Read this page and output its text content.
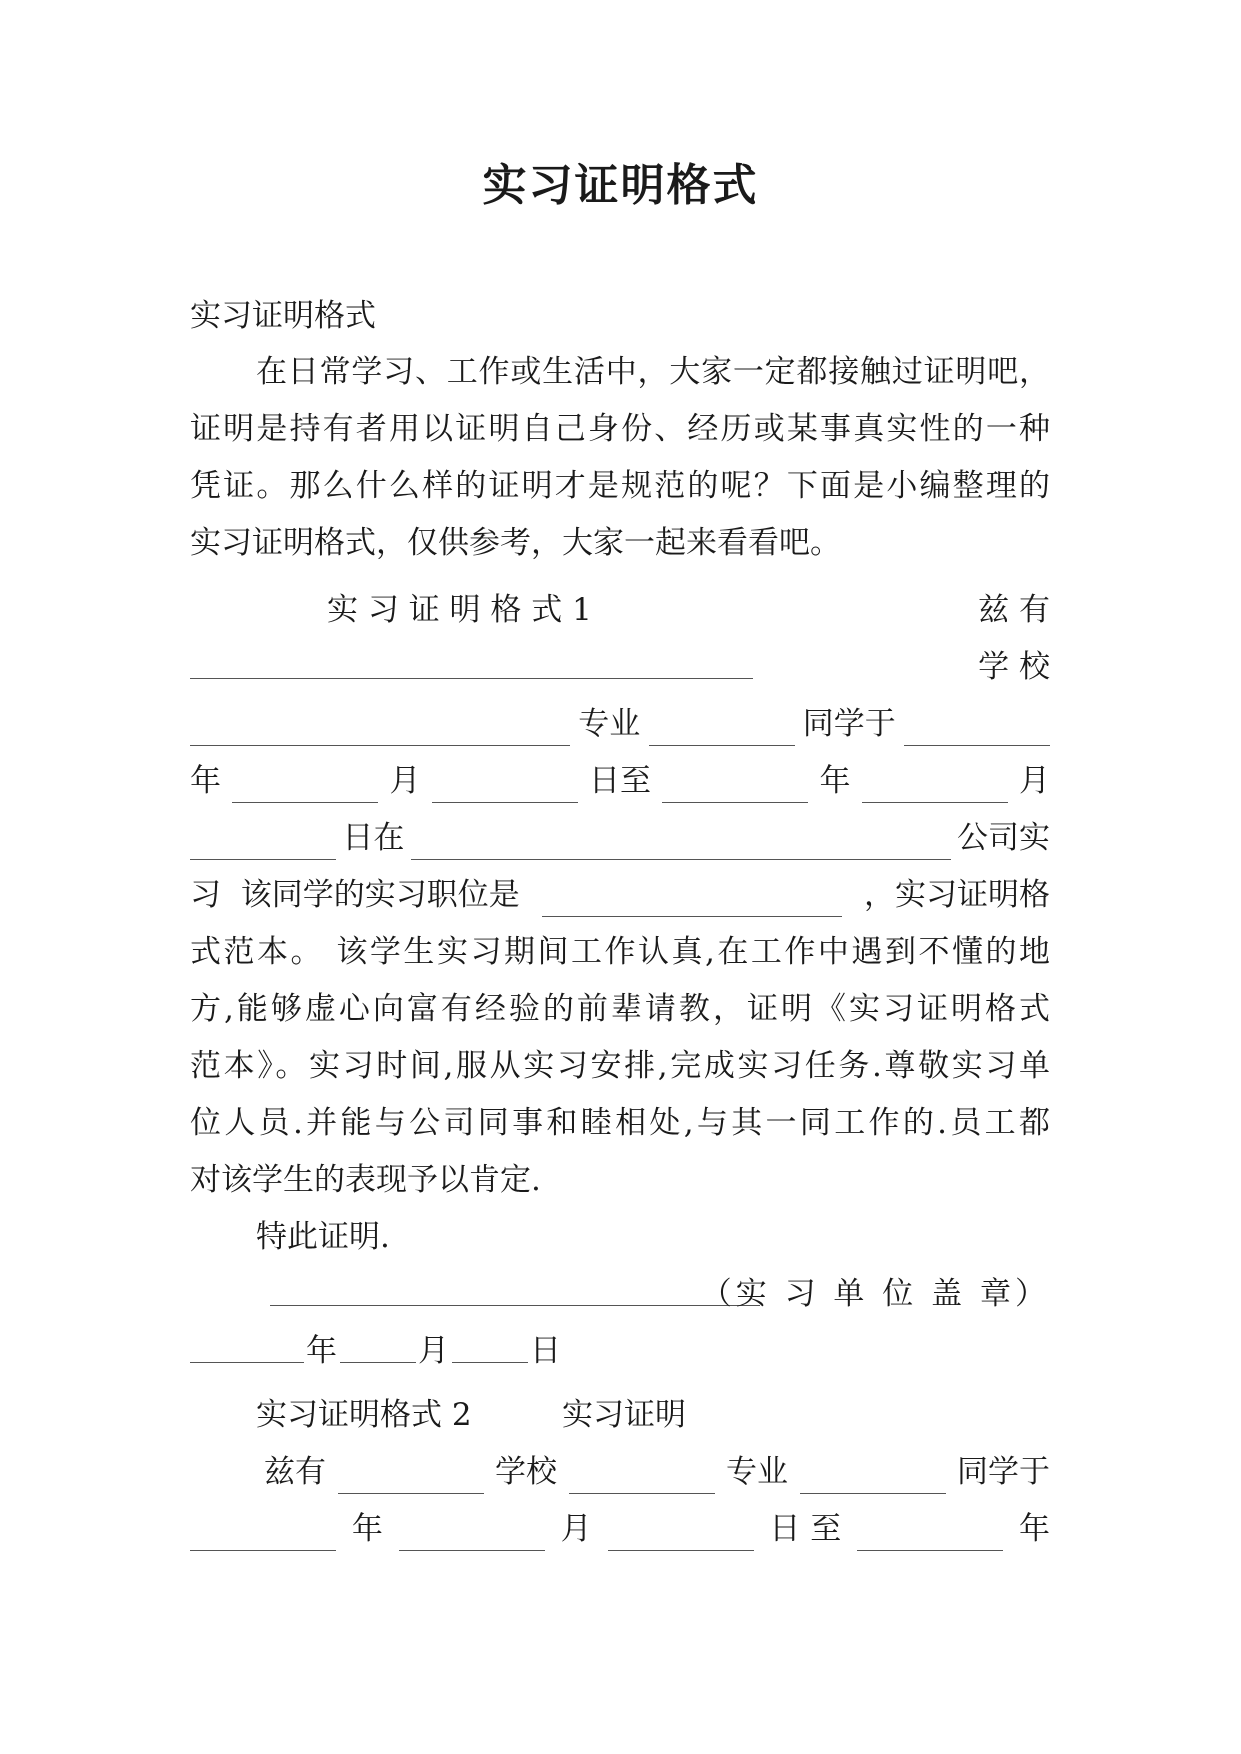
实习证明格式
实习证明格式
在日常学习、工作或生活中，大家一定都接触过证明吧，
证明是持有者用以证明自己身份、经历或某事真实性的一种
凭证。那么什么样的证明才是规范的呢？下面是小编整理的
实习证明格式，仅供参考，大家一起来看看吧。
实 习 证 明 格 式 1	兹 有
学 校
专业	同学于
年	月	日至	年	月
日在	公司实
习  该同学的实习职位是	，实习证明格
式范本。 该学生实习期间工作认真,在工作中遇到不懂的地
方,能够虚心向富有经验的前辈请教，证明《实习证明格式
范本》。实习时间,服从实习安排,完成实习任务.尊敬实习单
位人员.并能与公司同事和睦相处,与其一同工作的.员工都
对该学生的表现予以肯定.
特此证明.
（实 习 单 位 盖 章）
年	月	日
实习证明格式 2	实习证明
兹有	学校	专业	同学于
年	月	日 至	年
